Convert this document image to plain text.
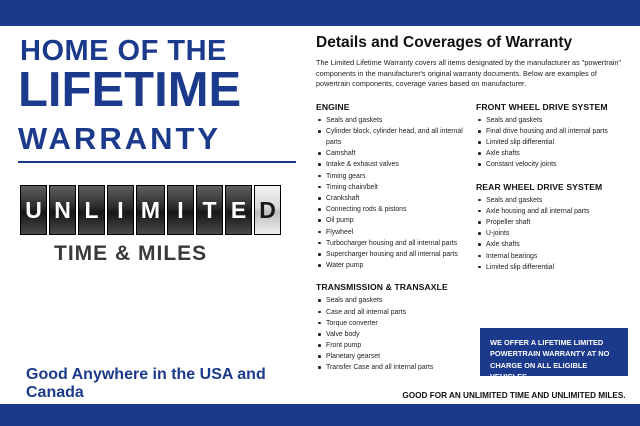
HOME OF THE
LIFETIME
WARRANTY
U N L I M I T E D
TIME & MILES
Good Anywhere in the USA and Canada
Details and Coverages of Warranty
The Limited Lifetime Warranty covers all items designated by the manufacturer as "powertrain" components in the manufacturer's original warranty documents. Below are examples of powertrain components, coverage varies based on manufacturer.
ENGINE
Seals and gaskets
Cylinder block, cylinder head, and all internal parts
Camshaft
Intake & exhaust valves
Timing gears
Timing chain/belt
Crankshaft
Connecting rods & pistons
Oil pump
Flywheel
Turbocharger housing and all internal parts
Supercharger housing and all internal parts
Water pump
TRANSMISSION & TRANSAXLE
Seals and gaskets
Case and all internal parts
Torque converter
Valve body
Front pump
Planetary gearset
Transfer Case and all internal parts
FRONT WHEEL DRIVE SYSTEM
Seals and gaskets
Final drive housing and all internal parts
Limited slip differential
Axle shafts
Constant velocity joints
REAR WHEEL DRIVE SYSTEM
Seals and gaskets
Axle housing and all internal parts
Propeller shaft
U-joints
Axle shafts
Internal bearings
Limited slip differential
WE OFFER A LIFETIME LIMITED POWERTRAIN WARRANTY AT NO CHARGE ON ALL ELIGIBLE VEHICLES.
GOOD FOR AN UNLIMITED TIME AND UNLIMITED MILES.
